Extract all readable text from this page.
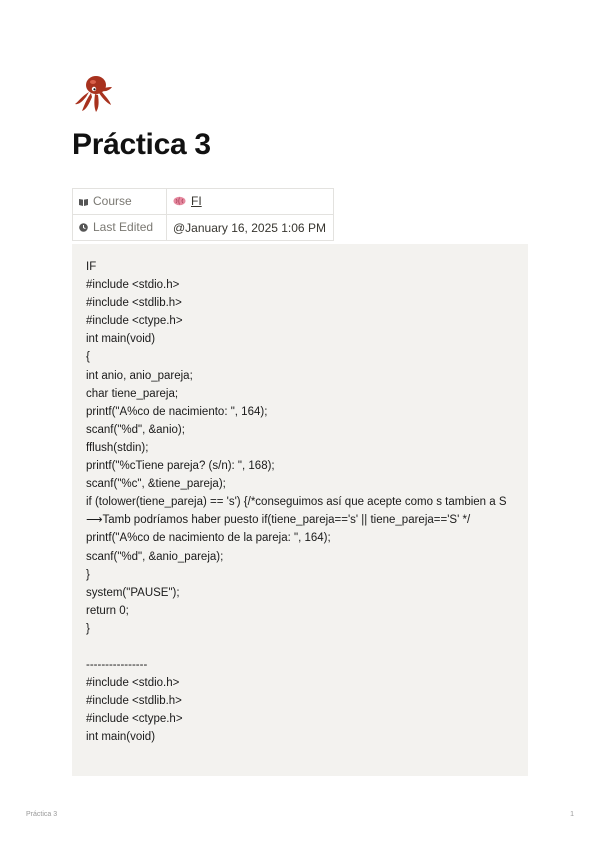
Práctica 3
Course	FI
Last Edited	@January 16, 2025 1:06 PM
IF
#include <stdio.h>
#include <stdlib.h>
#include <ctype.h>
int main(void)
{
int anio, anio_pareja;
char tiene_pareja;
printf("A%co de nacimiento: ", 164);
scanf("%d", &anio);
fflush(stdin);
printf("%cTiene pareja? (s/n): ", 168);
scanf("%c", &tiene_pareja);
if (tolower(tiene_pareja) == 's') {/*conseguimos así que acepte como s tambien a S⟶Tamb podríamos haber puesto if(tiene_pareja=='s' || tiene_pareja=='S' */
printf("A%co de nacimiento de la pareja: ", 164);
scanf("%d", &anio_pareja);
}
system("PAUSE");
return 0;
}
----------------
#include <stdio.h>
#include <stdlib.h>
#include <ctype.h>
int main(void)
Práctica 3	1
